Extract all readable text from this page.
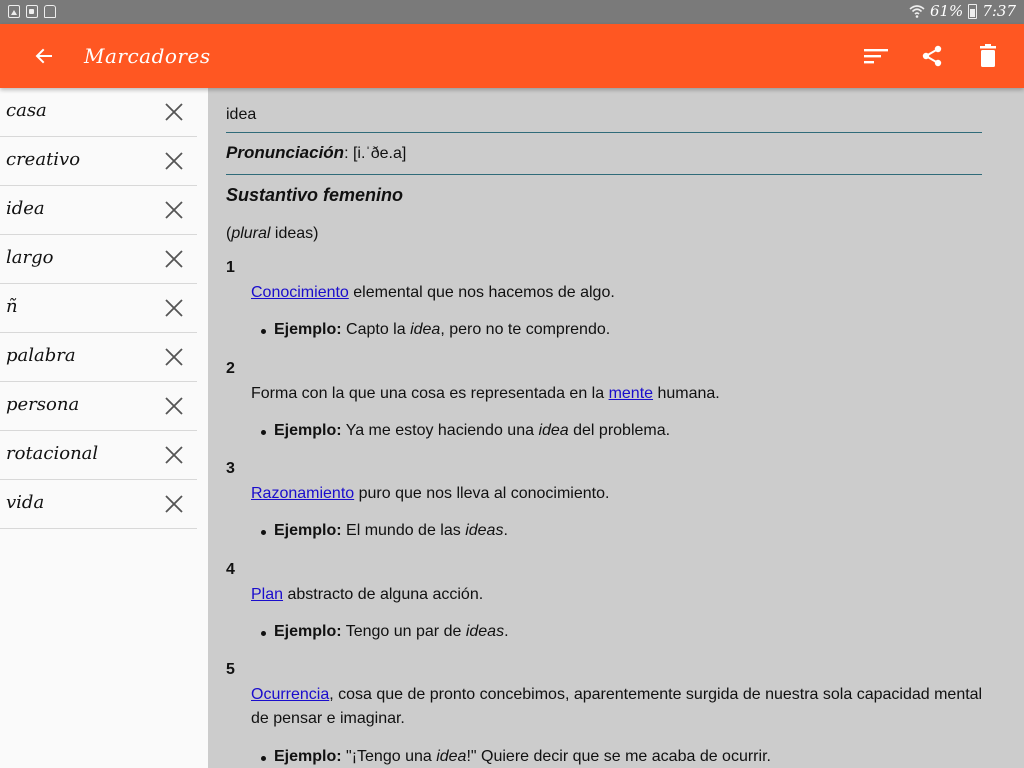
61% 7:37
Marcadores
casa
creativo
idea
largo
ñ
palabra
persona
rotacional
vida
idea
Pronunciación: [i.ˈðe.a]
Sustantivo femenino
(plural ideas)
1
Conocimiento elemental que nos hacemos de algo.
Ejemplo: Capto la idea, pero no te comprendo.
2
Forma con la que una cosa es representada en la mente humana.
Ejemplo: Ya me estoy haciendo una idea del problema.
3
Razonamiento puro que nos lleva al conocimiento.
Ejemplo: El mundo de las ideas.
4
Plan abstracto de alguna acción.
Ejemplo: Tengo un par de ideas.
5
Ocurrencia, cosa que de pronto concebimos, aparentemente surgida de nuestra sola capacidad mental de pensar e imaginar.
Ejemplo: "¡Tengo una idea!" Quiere decir que se me acaba de ocurrir.
